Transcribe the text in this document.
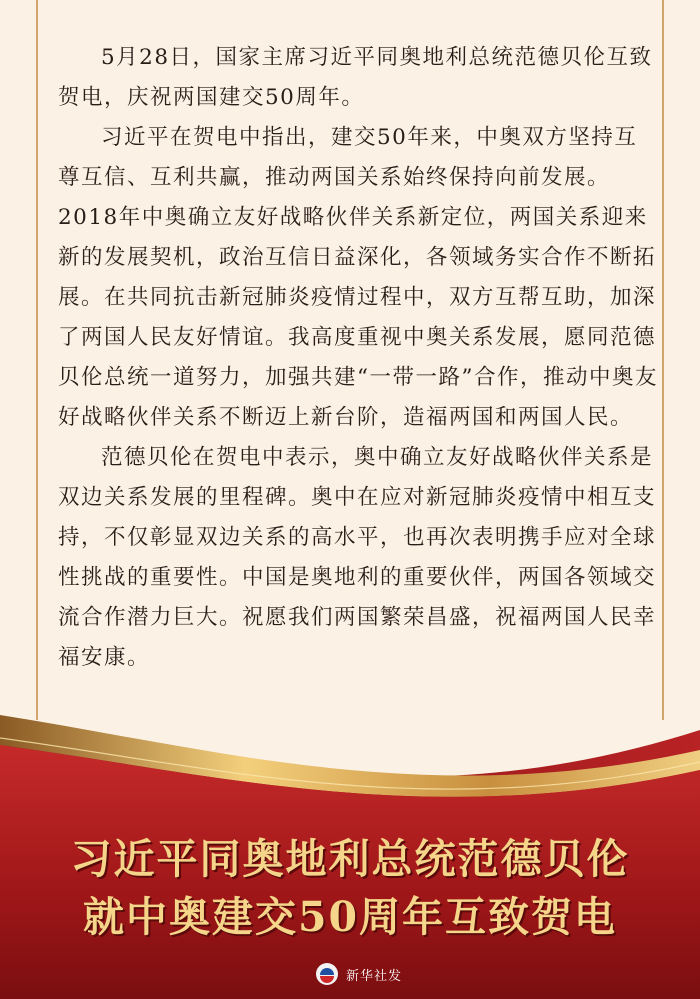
5月28日，国家主席习近平同奥地利总统范德贝伦互致贺电，庆祝两国建交50周年。

习近平在贺电中指出，建交50年来，中奥双方坚持互尊互信、互利共赢，推动两国关系始终保持向前发展。2018年中奥确立友好战略伙伴关系新定位，两国关系迎来新的发展契机，政治互信日益深化，各领域务实合作不断拓展。在共同抗击新冠肺炎疫情过程中，双方互帮互助，加深了两国人民友好情谊。我高度重视中奥关系发展，愿同范德贝伦总统一道努力，加强共建“一带一路”合作，推动中奥友好战略伙伴关系不断迈上新台阶，造福两国和两国人民。

范德贝伦在贺电中表示，奥中确立友好战略伙伴关系是双边关系发展的里程碑。奥中在应对新冠肺炎疫情中相互支持，不仅彰显双边关系的高水平，也再次表明携手应对全球性挑战的重要性。中国是奥地利的重要伙伴，两国各领域交流合作潜力巨大。祝愿我们两国繁荣昌盛，祝福两国人民幸福安康。

习近平同奥地利总统范德贝伦
就中奥建交50周年互致贺电
新华社发
